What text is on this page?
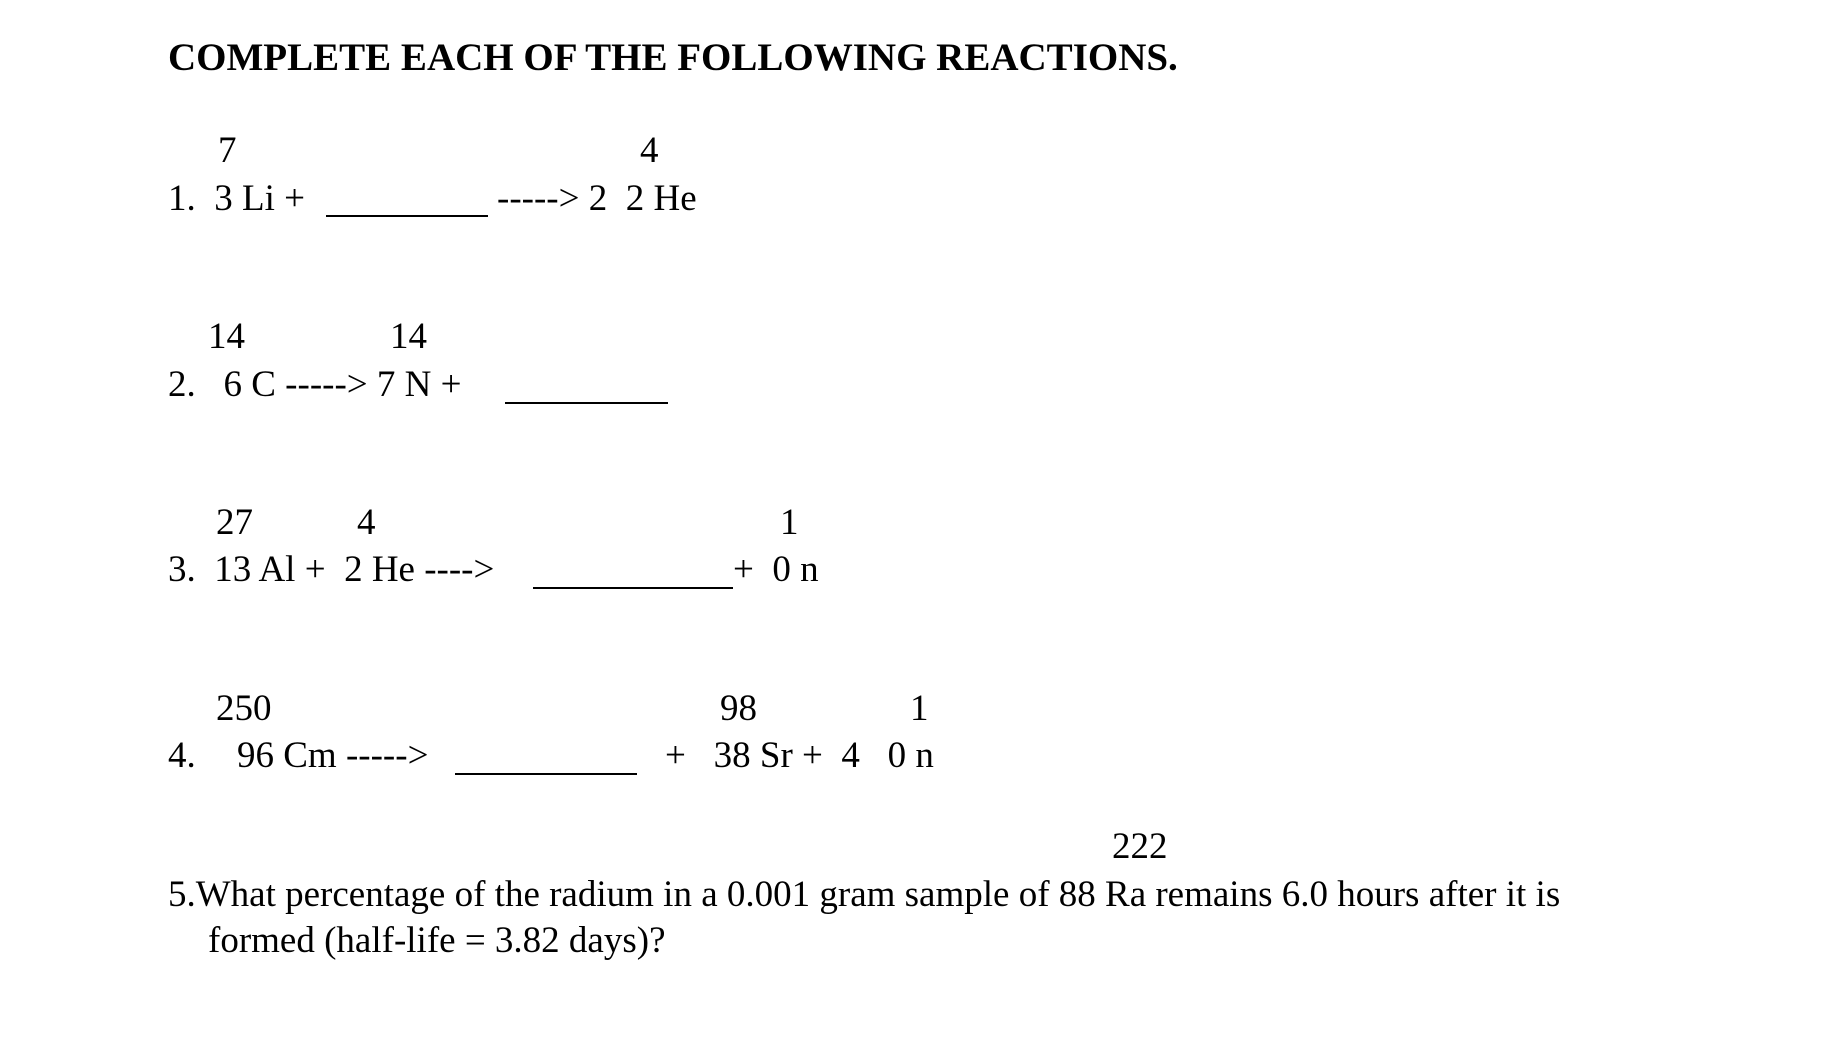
COMPLETE EACH OF THE FOLLOWING REACTIONS.
7	4
1.  3 Li +	-----> 2  2 He
14	14
2.   6 C -----> 7 N +
27	4	1
3.  13 Al +  2 He ---->	+  0 n
250	98	1
4. 96 Cm ----->	+   38 Sr +  4   0 n
222
5.What percentage of the radium in a 0.001 gram sample of 88 Ra remains 6.0 hours after it is
formed (half-life = 3.82 days)?
